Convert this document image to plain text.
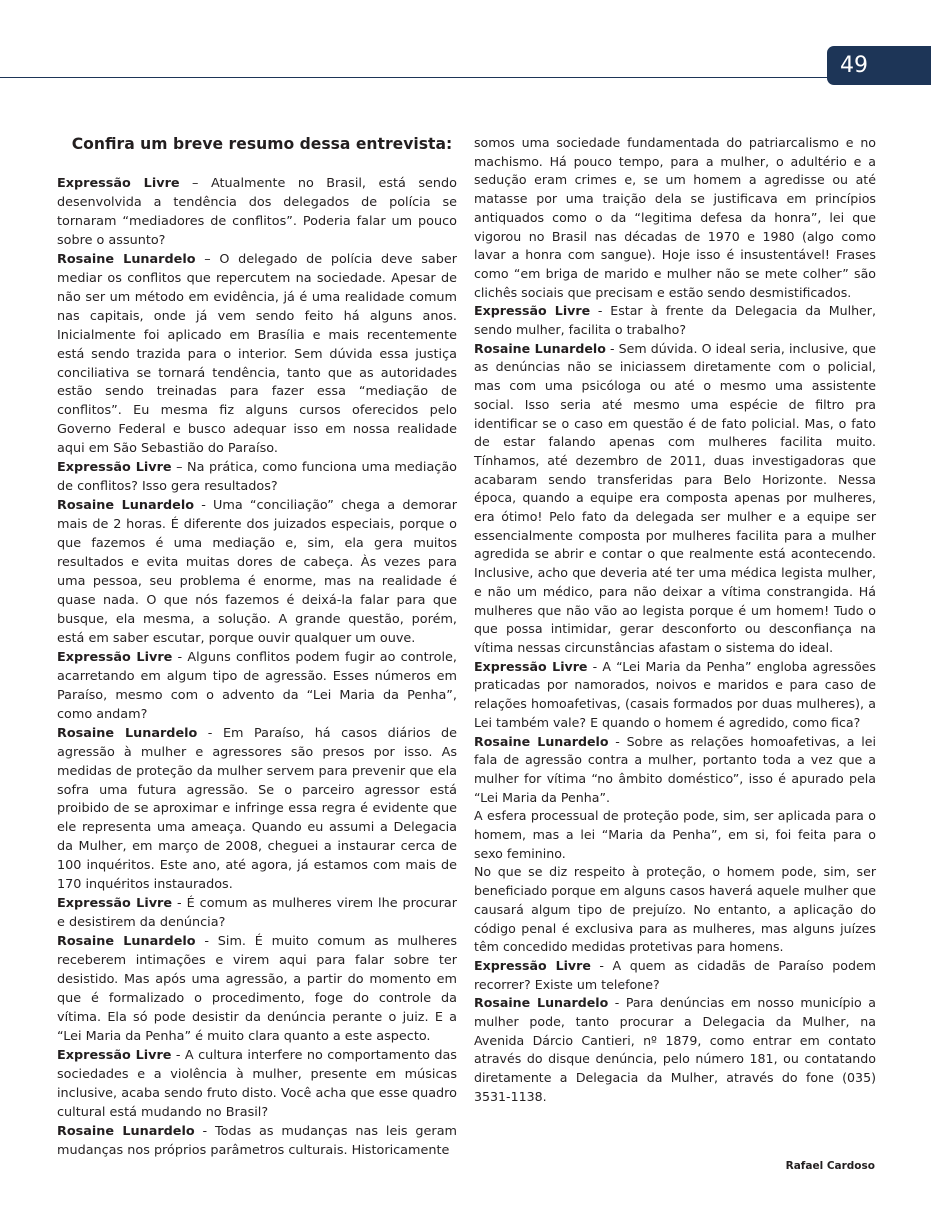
49
Confira um breve resumo dessa entrevista:

Expressão Livre – Atualmente no Brasil, está sendo desenvolvida a tendência dos delegados de polícia se tornaram “mediadores de conflitos”. Poderia falar um pouco sobre o assunto?

Rosaine Lunardelo – O delegado de polícia deve saber mediar os conflitos que repercutem na sociedade. Apesar de não ser um método em evidência, já é uma realidade comum nas capitais, onde já vem sendo feito há alguns anos. Inicialmente foi aplicado em Brasília e mais recentemente está sendo trazida para o interior. Sem dúvida essa justiça conciliativa se tornará tendência, tanto que as autoridades estão sendo treinadas para fazer essa “mediação de conflitos”. Eu mesma fiz alguns cursos oferecidos pelo Governo Federal e busco adequar isso em nossa realidade aqui em São Sebastião do Paraíso.

Expressão Livre – Na prática, como funciona uma mediação de conflitos? Isso gera resultados?

Rosaine Lunardelo - Uma “conciliação” chega a demorar mais de 2 horas. É diferente dos juizados especiais, porque o que fazemos é uma mediação e, sim, ela gera muitos resultados e evita muitas dores de cabeça. Às vezes para uma pessoa, seu problema é enorme, mas na realidade é quase nada. O que nós fazemos é deixá-la falar para que busque, ela mesma, a solução. A grande questão, porém, está em saber escutar, porque ouvir qualquer um ouve.

Expressão Livre - Alguns conflitos podem fugir ao controle, acarretando em algum tipo de agressão. Esses números em Paraíso, mesmo com o advento da “Lei Maria da Penha”, como andam?

Rosaine Lunardelo - Em Paraíso, há casos diários de agressão à mulher e agressores são presos por isso. As medidas de proteção da mulher servem para prevenir que ela sofra uma futura agressão. Se o parceiro agressor está proibido de se aproximar e infringe essa regra é evidente que ele representa uma ameaça. Quando eu assumi a Delegacia da Mulher, em março de 2008, cheguei a instaurar cerca de 100 inquéritos. Este ano, até agora, já estamos com mais de 170 inquéritos instaurados.

Expressão Livre - É comum as mulheres virem lhe procurar e desistirem da denúncia?

Rosaine Lunardelo - Sim. É muito comum as mulheres receberem intimações e virem aqui para falar sobre ter desistido. Mas após uma agressão, a partir do momento em que é formalizado o procedimento, foge do controle da vítima. Ela só pode desistir da denúncia perante o juiz. E a “Lei Maria da Penha” é muito clara quanto a este aspecto.

Expressão Livre - A cultura interfere no comportamento das sociedades e a violência à mulher, presente em músicas inclusive, acaba sendo fruto disto. Você acha que esse quadro cultural está mudando no Brasil?

Rosaine Lunardelo - Todas as mudanças nas leis geram mudanças nos próprios parâmetros culturais. Historicamente

somos uma sociedade fundamentada do patriarcalismo e no machismo. Há pouco tempo, para a mulher, o adultério e a sedução eram crimes e, se um homem a agredisse ou até matasse por uma traição dela se justificava em princípios antiquados como o da “legitima defesa da honra”, lei que vigorou no Brasil nas décadas de 1970 e 1980 (algo como lavar a honra com sangue). Hoje isso é insustentável! Frases como “em briga de marido e mulher não se mete colher” são clichês sociais que precisam e estão sendo desmistificados.

Expressão Livre - Estar à frente da Delegacia da Mulher, sendo mulher, facilita o trabalho?

Rosaine Lunardelo - Sem dúvida. O ideal seria, inclusive, que as denúncias não se iniciassem diretamente com o policial, mas com uma psicóloga ou até o mesmo uma assistente social. Isso seria até mesmo uma espécie de filtro pra identificar se o caso em questão é de fato policial. Mas, o fato de estar falando apenas com mulheres facilita muito. Tínhamos, até dezembro de 2011, duas investigadoras que acabaram sendo transferidas para Belo Horizonte. Nessa época, quando a equipe era composta apenas por mulheres, era ótimo! Pelo fato da delegada ser mulher e a equipe ser essencialmente composta por mulheres facilita para a mulher agredida se abrir e contar o que realmente está acontecendo. Inclusive, acho que deveria até ter uma médica legista mulher, e não um médico, para não deixar a vítima constrangida. Há mulheres que não vão ao legista porque é um homem! Tudo o que possa intimidar, gerar desconforto ou desconfiança na vítima nessas circunstâncias afastam o sistema do ideal.

Expressão Livre - A “Lei Maria da Penha” engloba agressões praticadas por namorados, noivos e maridos e para caso de relações homoafetivas, (casais formados por duas mulheres), a Lei também vale? E quando o homem é agredido, como fica?

Rosaine Lunardelo - Sobre as relações homoafetivas, a lei fala de agressão contra a mulher, portanto toda a vez que a mulher for vítima “no âmbito doméstico”, isso é apurado pela “Lei Maria da Penha”.

A esfera processual de proteção pode, sim, ser aplicada para o homem, mas a lei “Maria da Penha”, em si, foi feita para o sexo feminino.

No que se diz respeito à proteção, o homem pode, sim, ser beneficiado porque em alguns casos haverá aquele mulher que causará algum tipo de prejuízo. No entanto, a aplicação do código penal é exclusiva para as mulheres, mas alguns juízes têm concedido medidas protetivas para homens.

Expressão Livre - A quem as cidadãs de Paraíso podem recorrer? Existe um telefone?

Rosaine Lunardelo - Para denúncias em nosso município a mulher pode, tanto procurar a Delegacia da Mulher, na Avenida Dárcio Cantieri, nº 1879, como entrar em contato através do disque denúncia, pelo número 181, ou contatando diretamente a Delegacia da Mulher, através do fone (035) 3531-1138.

Rafael Cardoso
